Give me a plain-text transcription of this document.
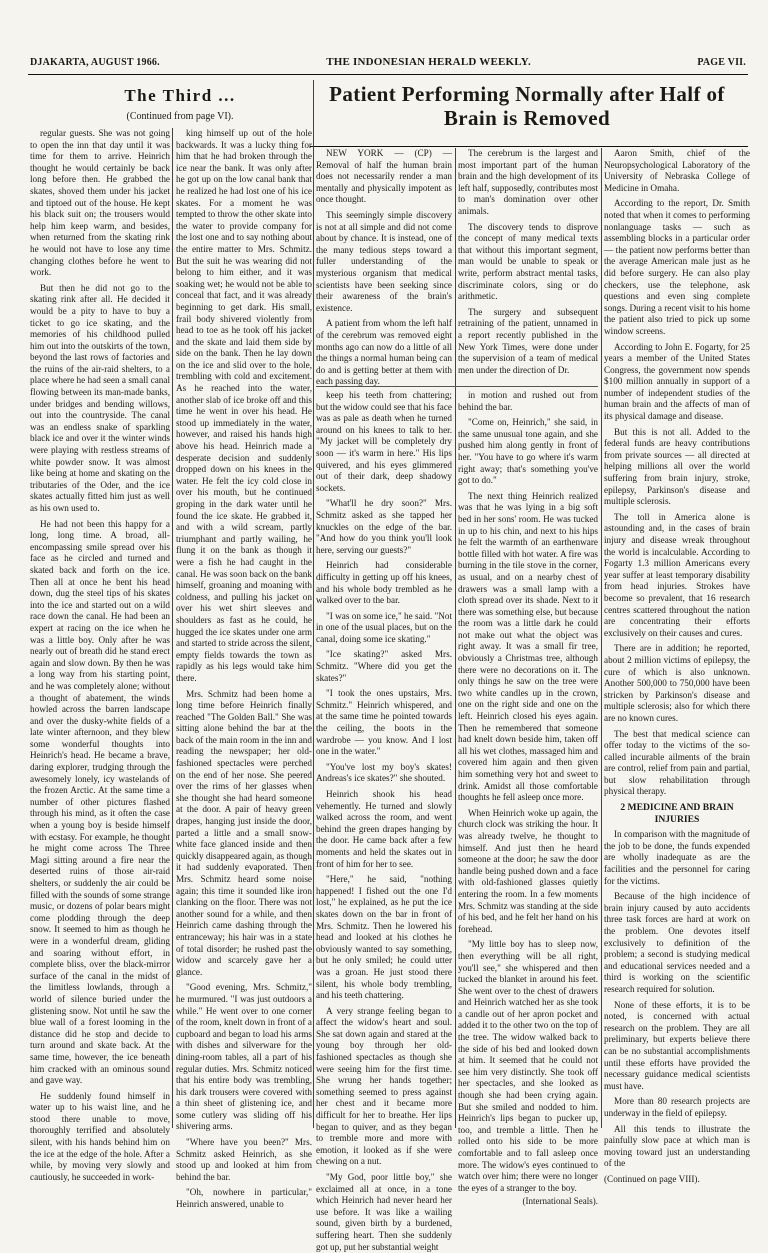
DJAKARTA, AUGUST 1966.	THE INDONESIAN HERALD WEEKLY.	PAGE VII.
The Third ...
(Continued from page VI).
Patient Performing Normally after Half of
Brain is Removed

regular guests. She was not going to open the inn that day until it was time for them to arrive. Heinrich thought he would certainly be back long before then. He grabbed the skates, shoved them under his jacket and tiptoed out of the house. He kept his black suit on; the trousers would help him keep warm, and besides, when returned from the skating rink he would not have to lose any time changing clothes before he went to work.

But then he did not go to the skating rink after all. He decided it would be a pity to have to buy a ticket to go ice skating, and the memories of his childhood pulled him out into the outskirts of the town, beyond the last rows of factories and the ruins of the air-raid shelters, to a place where he had seen a small canal flowing between its man-made banks, under bridges and bending willows, out into the countryside. The canal was an endless snake of sparkling black ice and over it the winter winds were playing with restless streams of white powder snow. It was almost like being at home and skating on the tributaries of the Oder, and the ice skates actually fitted him just as well as his own used to.

He had not been this happy for a long, long time. A broad, all-encompassing smile spread over his face as he circled and turned and skated back and forth on the ice. Then all at once he bent his head down, dug the steel tips of his skates into the ice and started out on a wild race down the canal. He had been an expert at racing on the ice when he was a little boy. Only after he was nearly out of breath did he stand erect again and slow down. By then he was a long way from his starting point, and he was completely alone; without a thought of abatement, the winds howled across the barren landscape and over the dusky-white fields of a late winter afternoon, and they blew some wonderful thoughts into Heinrich's head. He became a brave, daring explorer, trudging through the awesomely lonely, icy wastelands of the frozen Arctic. At the same time a number of other pictures flashed through his mind, as it often the case when a young boy is beside himself with ecstasy. For example, he thought he might come across The Three Magi sitting around a fire near the deserted ruins of those air-raid shelters, or suddenly the air could be filled with the sounds of some strange music, or dozens of polar bears might come plodding through the deep snow. It seemed to him as though he were in a wonderful dream, gliding and soaring without effort, in complete bliss, over the black-mirror surface of the canal in the midst of the limitless lowlands, through a world of silence buried under the glistening snow. Not until he saw the blue wall of a forest looming in the distance did he stop and decide to turn around and skate back. At the same time, however, the ice beneath him cracked with an ominous sound and gave way.

He suddenly found himself in water up to his waist line, and he stood there unable to move, thoroughly terrified and absolutely silent, with his hands behind him on the ice at the edge of the hole. After a while, by moving very slowly and cautiously, he succeeded in work-

king himself up out of the hole backwards. It was a lucky thing for him that he had broken through the ice near the bank. It was only after he got up on the low canal bank that he realized he had lost one of his ice skates. For a moment he was tempted to throw the other skate into the water to provide company for the lost one and to say nothing about the entire matter to Mrs. Schmitz. But the suit he was wearing did not belong to him either, and it was soaking wet; he would not be able to conceal that fact, and it was already beginning to get dark. His small, frail body shivered violently from head to toe as he took off his jacket and the skate and laid them side by side on the bank. Then he lay down on the ice and slid over to the hole, trembling with cold and excitement. As he reached into the water, another slab of ice broke off and this time he went in over his head. He stood up immediately in the water, however, and raised his hands high above his head. Heinrich made a desperate decision and suddenly dropped down on his knees in the water. He felt the icy cold close in over his mouth, but he continued groping in the dark water until he found the ice skate. He grabbed it, and with a wild scream, partly triumphant and partly wailing, he flung it on the bank as though it were a fish he had caught in the canal. He was soon back on the bank himself, groaning and moaning with coldness, and pulling his jacket on over his wet shirt sleeves and shoulders as fast as he could, he hugged the ice skates under one arm and started to stride across the silent, empty fields towards the town as rapidly as his legs would take him there.

Mrs. Schmitz had been home a long time before Heinrich finally reached "The Golden Ball." She was sitting alone behind the bar at the back of the main room in the inn and reading the newspaper; her old-fashioned spectacles were perched on the end of her nose. She peered over the rims of her glasses when she thought she had heard someone at the door. A pair of heavy green drapes, hanging just inside the door, parted a little and a small snow-white face glanced inside and then quickly disappeared again, as though it had suddenly evaporated. Then Mrs. Schmitz heard some noise again; this time it sounded like iron clanking on the floor. There was not another sound for a while, and then Heinrich came dashing through the entranceway; his hair was in a state of total disorder; he rushed past the widow and scarcely gave her a glance.

"Good evening, Mrs. Schmitz," he murmured. "I was just outdoors a while." He went over to one corner of the room, knelt down in front of a cupboard and began to load his arms with dishes and silverware for the dining-room tables, all a part of his regular duties. Mrs. Schmitz noticed that his entire body was trembling, his dark trousers were covered with a thin sheet of glistening ice, and some cutlery was sliding off his shivering arms.

"Where have you been?" Mrs. Schmitz asked Heinrich, as she stood up and looked at him from behind the bar.

"Oh, nowhere in particular," Heinrich answered, unable to

NEW YORK — (CP) — Removal of half the human brain does not necessarily render a man mentally and physically impotent as once thought.

This seemingly simple discovery is not at all simple and did not come about by chance. It is instead, one of the many tedious steps toward a fuller understanding of the mysterious organism that medical scientists have been seeking since their awareness of the brain's existence.

A patient from whom the left half of the cerebrum was removed eight months ago can now do a little of all the things a normal human being can do and is getting better at them with each passing day.

The cerebrum is the largest and most important part of the human brain and the high development of its left half, supposedly, contributes most to man's domination over other animals.

The discovery tends to disprove the concept of many medical texts that without this important segment, man would be unable to speak or write, perform abstract mental tasks, discriminate colors, sing or do arithmetic.

The surgery and subsequent retraining of the patient, unnamed in a report recently published in the New York Times, were done under the supervision of a team of medical men under the direction of Dr.

keep his teeth from chattering; but the widow could see that his face was as pale as death when he turned around on his knees to talk to her. "My jacket will be completely dry soon — it's warm in here." His lips quivered, and his eyes glimmered out of their dark, deep shadowy sockets.

"What'll he dry soon?" Mrs. Schmitz asked as she tapped her knuckles on the edge of the bar. "And how do you think you'll look here, serving our guests?"

Heinrich had considerable difficulty in getting up off his knees, and his whole body trembled as he walked over to the bar.

"I was on some ice," he said. "Not in one of the usual places, but on the canal, doing some ice skating."

"Ice skating?" asked Mrs. Schmitz. "Where did you get the skates?"

"I took the ones upstairs, Mrs. Schmitz." Heinrich whispered, and at the same time he pointed towards the ceiling, the boots in the wardrobe — you know. And I lost one in the water."

"You've lost my boy's skates! Andreas's ice skates?" she shouted.

Heinrich shook his head vehemently. He turned and slowly walked across the room, and went behind the green drapes hanging by the door. He came back after a few moments and held the skates out in front of him for her to see.

"Here," he said, "nothing happened! I fished out the one I'd lost," he explained, as he put the ice skates down on the bar in front of Mrs. Schmitz. Then he lowered his head and looked at his clothes he obviously wanted to say something, but he only smiled; he could utter was a groan. He just stood there silent, his whole body trembling, and his teeth chattering.

A very strange feeling began to affect the widow's heart and soul. She sat down again and stared at the young boy through her old-fashioned spectacles as though she were seeing him for the first time. She wrung her hands together; something seemed to press against her chest and it became more difficult for her to breathe. Her lips began to quiver, and as they began to tremble more and more with emotion, it looked as if she were chewing on a nut.

"My God, poor little boy," she exclaimed all at once, in a tone which Heinrich had never heard her use before. It was like a wailing sound, given birth by a burdened, suffering heart. Then she suddenly got up, put her substantial weight

in motion and rushed out from behind the bar.

"Come on, Heinrich," she said, in the same unusual tone again, and she pushed him along gently in front of her. "You have to go where it's warm right away; that's something you've got to do."

The next thing Heinrich realized was that he was lying in a big soft bed in her sons' room. He was tucked in up to his chin, and next to his hips he felt the warmth of an earthenware bottle filled with hot water. A fire was burning in the tile stove in the corner, as usual, and on a nearby chest of drawers was a small lamp with a cloth spread over its shade. Next to it there was something else, but because the room was a little dark he could not make out what the object was right away. It was a small fir tree, obviously a Christmas tree, although there were no decorations on it. The only things he saw on the tree were two white candles up in the crown, one on the right side and one on the left. Heinrich closed his eyes again. Then he remembered that someone had knelt down beside him, taken off all his wet clothes, massaged him and covered him again and then given him something very hot and sweet to drink. Amidst all those comfortable thoughts he fell asleep once more.

When Heinrich woke up again, the church clock was striking the hour. It was already twelve, he thought to himself. And just then he heard someone at the door; he saw the door handle being pushed down and a face with old-fashioned glasses quietly entering the room. In a few moments Mrs. Schmitz was standing at the side of his bed, and he felt her hand on his forehead.

"My little boy has to sleep now, then everything will be all right, you'll see," she whispered and then tucked the blanket in around his feet. She went over to the chest of drawers and Heinrich watched her as she took a candle out of her apron pocket and added it to the other two on the top of the tree. The widow walked back to the side of his bed and looked down at him. It seemed that he could not see him very distinctly. She took off her spectacles, and she looked as though she had been crying again. But she smiled and nodded to him. Heinrich's lips began to pucker up, too, and tremble a little. Then he rolled onto his side to be more comfortable and to fall asleep once more. The widow's eyes continued to watch over him; there were no longer the eyes of a stranger to the boy.

(International Seals).

Aaron Smith, chief of the Neuropsychological Laboratory of the University of Nebraska College of Medicine in Omaha.

According to the report, Dr. Smith noted that when it comes to performing nonlanguage tasks — such as assembling blocks in a particular order — the patient now performs better than the average American male just as he did before surgery. He can also play checkers, use the telephone, ask questions and even sing complete songs. During a recent visit to his home the patient also tried to pick up some window screens.

According to John E. Fogarty, for 25 years a member of the United States Congress, the government now spends $100 million annually in support of a number of independent studies of the human brain and the affects of man of its physical damage and disease.

But this is not all. Added to the federal funds are heavy contributions from private sources — all directed at helping millions all over the world suffering from brain injury, stroke, epilepsy, Parkinson's disease and multiple sclerosis.

The toll in America alone is astounding and, in the cases of brain injury and disease wreak throughout the world is incalculable. According to Fogarty 1.3 million Americans every year suffer at least temporary disability from head injuries. Strokes have become so prevalent, that 16 research centres scattered throughout the nation are concentrating their efforts exclusively on their causes and cures.

There are in addition; he reported, about 2 million victims of epilepsy, the cure of which is also unknown. Another 500,000 to 750,000 have been stricken by Parkinson's disease and multiple sclerosis; also for which there are no known cures.

The best that medical science can offer today to the victims of the so-called incurable ailments of the brain are control, relief from pain and partial, but slow rehabilitation through physical therapy.

2 MEDICINE AND BRAIN INJURIES

In comparison with the magnitude of the job to be done, the funds expended are wholly inadequate as are the facilities and the personnel for caring for the victims.

Because of the high incidence of brain injury caused by auto accidents three task forces are hard at work on the problem. One devotes itself exclusively to definition of the problem; a second is studying medical and educational services needed and a third is working on the scientific research required for solution.

None of these efforts, it is to be noted, is concerned with actual research on the problem. They are all preliminary, but experts believe there can be no substantial accomplishments until these efforts have provided the necessary guidance medical scientists must have.

More than 80 research projects are underway in the field of epilepsy.

All this tends to illustrate the painfully slow pace at which man is moving toward just an understanding of the

(Continued on page VIII).
